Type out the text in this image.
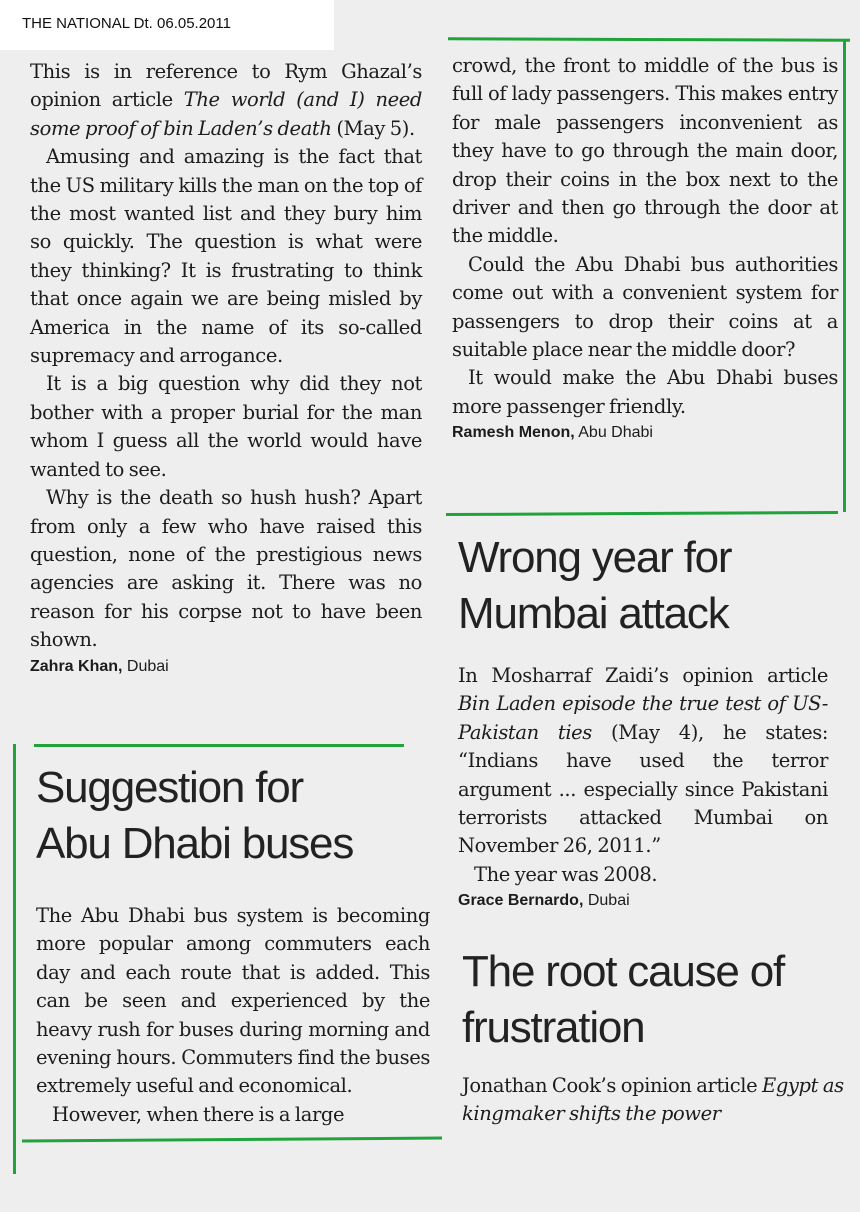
THE NATIONAL Dt. 06.05.2011

This is in reference to Rym Ghazal’s opinion article The world (and I) need some proof of bin Laden’s death (May 5).

Amusing and amazing is the fact that the US military kills the man on the top of the most wanted list and they bury him so quickly. The question is what were they thinking? It is frustrating to think that once again we are being misled by America in the name of its so-called supremacy and arrogance.

It is a big question why did they not bother with a proper burial for the man whom I guess all the world would have wanted to see.

Why is the death so hush hush? Apart from only a few who have raised this question, none of the prestigious news agencies are asking it. There was no reason for his corpse not to have been shown.

Zahra Khan, Dubai
Suggestion for
Abu Dhabi buses

The Abu Dhabi bus system is becoming more popular among commuters each day and each route that is added. This can be seen and experienced by the heavy rush for buses during morning and evening hours. Commuters find the buses extremely useful and economical.

However, when there is a large

crowd, the front to middle of the bus is full of lady passengers. This makes entry for male passengers inconvenient as they have to go through the main door, drop their coins in the box next to the driver and then go through the door at the middle.

Could the Abu Dhabi bus authorities come out with a convenient system for passengers to drop their coins at a suitable place near the middle door?

It would make the Abu Dhabi buses more passenger friendly.

Ramesh Menon, Abu Dhabi
Wrong year for
Mumbai attack

In Mosharraf Zaidi’s opinion article Bin Laden episode the true test of US-Pakistan ties (May 4), he states: “Indians have used the terror argument ... especially since Pakistani terrorists attacked Mumbai on November 26, 2011.”

The year was 2008.

Grace Bernardo, Dubai
The root cause of
frustration

Jonathan Cook’s opinion article Egypt as kingmaker shifts the power
